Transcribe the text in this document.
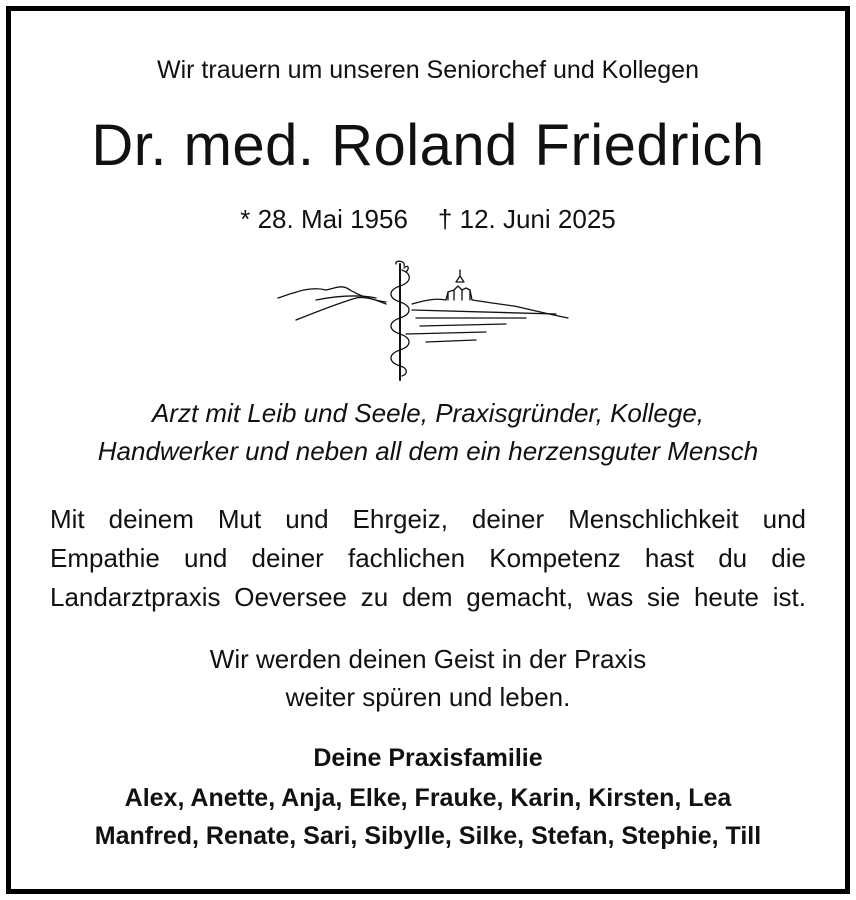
Wir trauern um unseren Seniorchef und Kollegen
Dr. med. Roland Friedrich
* 28. Mai 1956 † 12. Juni 2025
Arzt mit Leib und Seele, Praxisgründer, Kollege,
Handwerker und neben all dem ein herzensguter Mensch
Mit deinem Mut und Ehrgeiz, deiner Menschlichkeit und
Empathie und deiner fachlichen Kompetenz hast du die
Landarztpraxis Oeversee zu dem gemacht, was sie heute ist.
Wir werden deinen Geist in der Praxis
weiter spüren und leben.
Deine Praxisfamilie
Alex, Anette, Anja, Elke, Frauke, Karin, Kirsten, Lea
Manfred, Renate, Sari, Sibylle, Silke, Stefan, Stephie, Till
